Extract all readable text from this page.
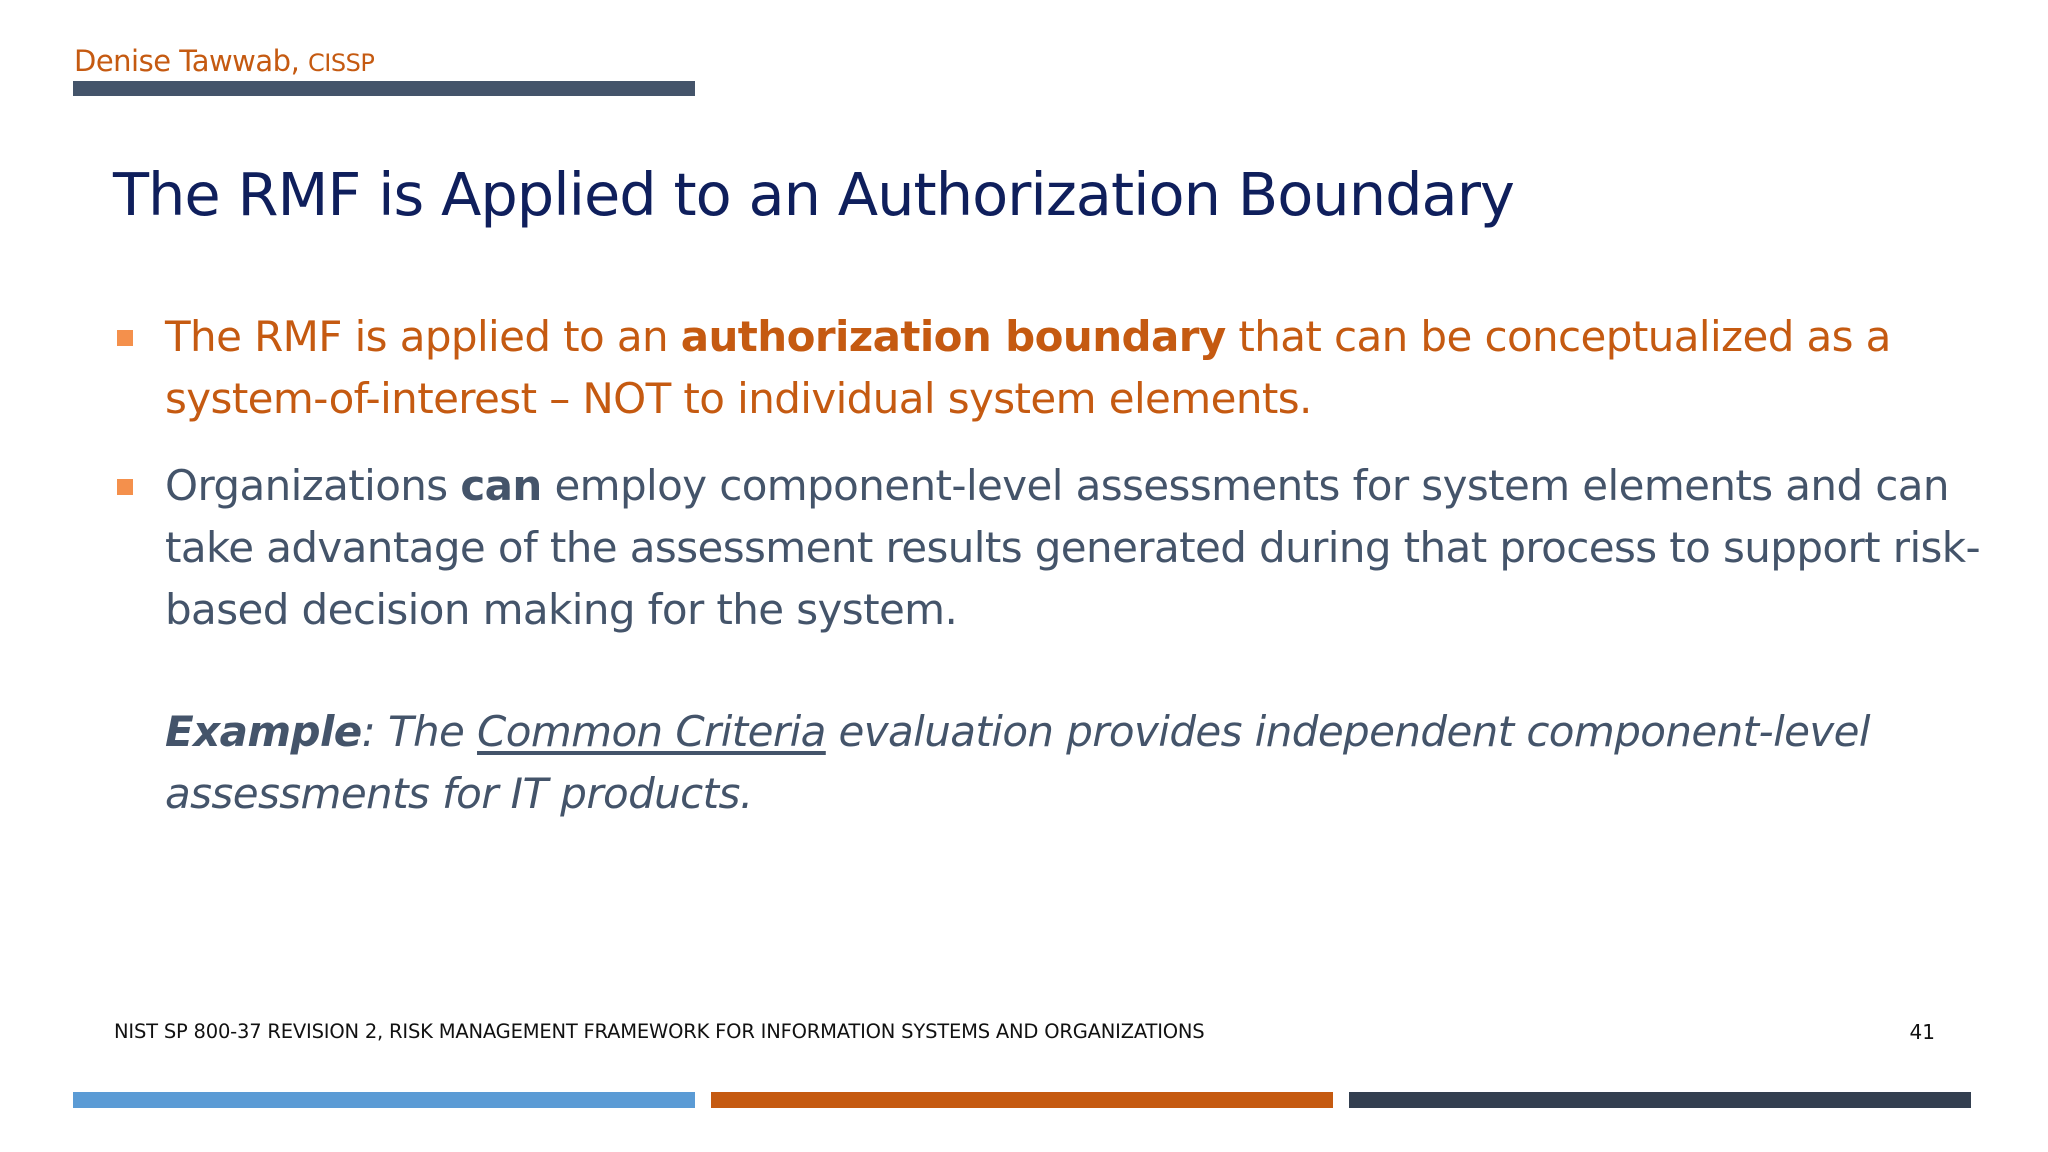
Denise Tawwab, CISSP
The RMF is Applied to an Authorization Boundary
The RMF is applied to an authorization boundary that can be conceptualized as a system-of-interest – NOT to individual system elements.
Organizations can employ component-level assessments for system elements and can take advantage of the assessment results generated during that process to support risk-based decision making for the system.
Example: The Common Criteria evaluation provides independent component-level assessments for IT products.
NIST SP 800-37 REVISION 2, RISK MANAGEMENT FRAMEWORK FOR INFORMATION SYSTEMS AND ORGANIZATIONS	41
